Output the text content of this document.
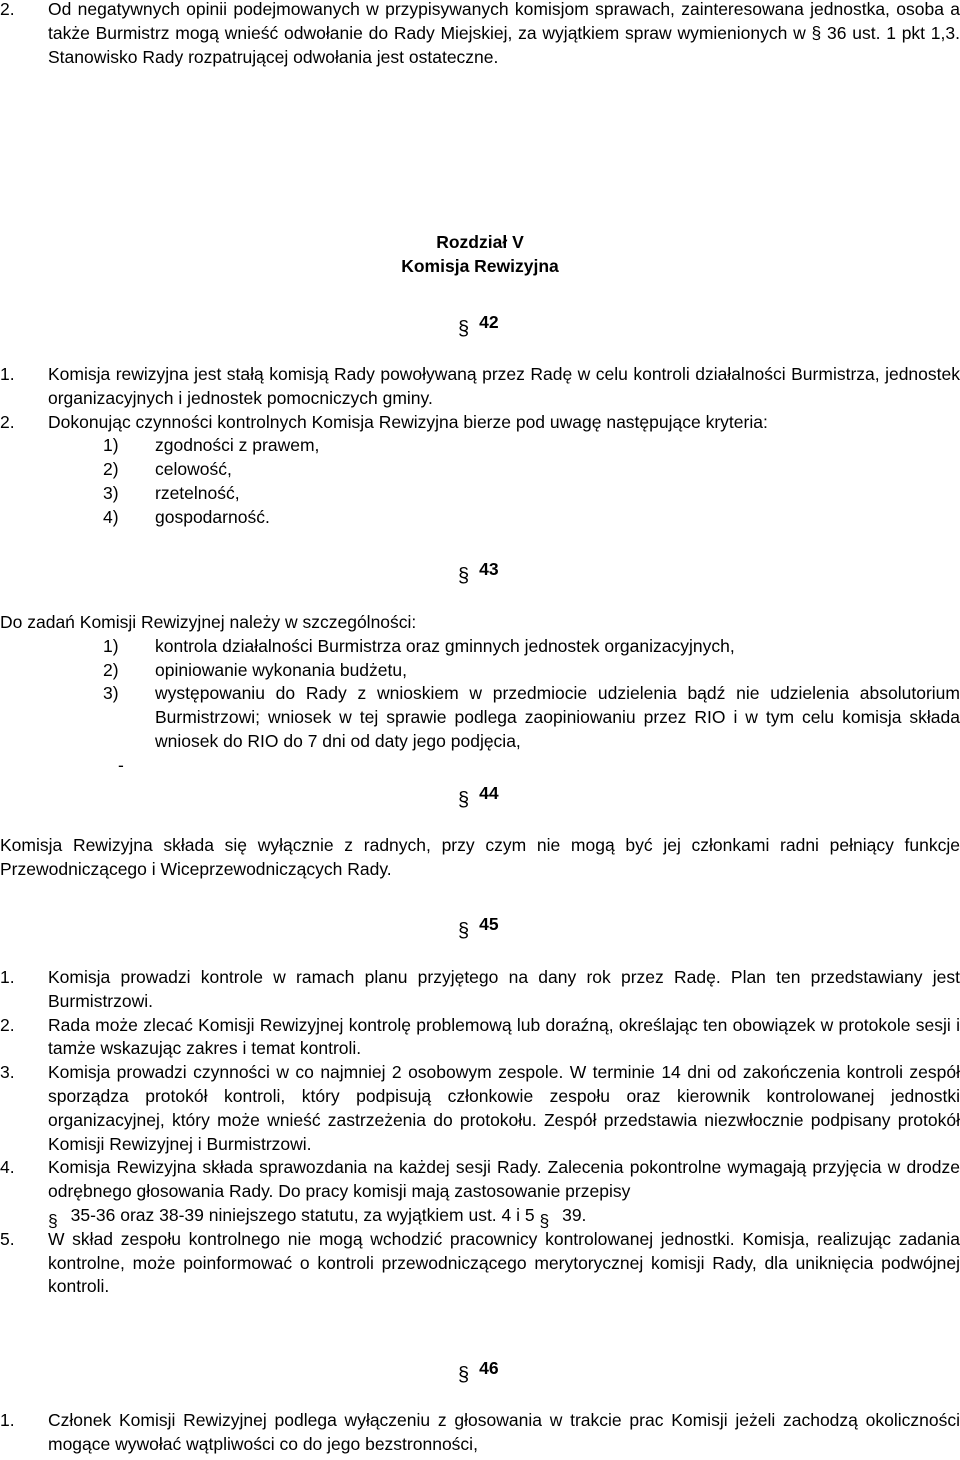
2. Od negatywnych opinii podejmowanych w przypisywanych komisjom sprawach, zainteresowana jednostka, osoba a także Burmistrz mogą wnieść odwołanie do Rady Miejskiej, za wyjątkiem spraw wymienionych w § 36 ust. 1 pkt 1,3. Stanowisko Rady rozpatrującej odwołania jest ostateczne.
Rozdział V
Komisja Rewizyjna
§ 42
1. Komisja rewizyjna jest stałą komisją Rady powoływaną przez Radę w celu kontroli działalności Burmistrza, jednostek organizacyjnych i jednostek pomocniczych gminy.
2. Dokonując czynności kontrolnych Komisja Rewizyjna bierze pod uwagę następujące kryteria:
1) zgodności z prawem,
2) celowość,
3) rzetelność,
4) gospodarność.
§ 43
Do zadań Komisji Rewizyjnej należy w szczególności:
1) kontrola działalności Burmistrza oraz gminnych jednostek organizacyjnych,
2) opiniowanie wykonania budżetu,
3) występowaniu do Rady z wnioskiem w przedmiocie udzielenia bądź nie udzielenia absolutorium Burmistrzowi; wniosek w tej sprawie podlega zaopiniowaniu przez RIO i w tym celu komisja składa wniosek do RIO do 7 dni od daty jego podjęcia,
-
§ 44
Komisja Rewizyjna składa się wyłącznie z radnych, przy czym nie mogą być jej członkami radni pełniący funkcje Przewodniczącego i Wiceprzewodniczących Rady.
§ 45
1. Komisja prowadzi kontrole w ramach planu przyjętego na dany rok przez Radę. Plan ten przedstawiany jest Burmistrzowi.
2. Rada może zlecać Komisji Rewizyjnej kontrolę problemową lub doraźną, określając ten obowiązek w protokole sesji i tamże wskazując zakres i temat kontroli.
3. Komisja prowadzi czynności w co najmniej 2 osobowym zespole. W terminie 14 dni od zakończenia kontroli zespół sporządza protokół kontroli, który podpisują członkowie zespołu oraz kierownik kontrolowanej jednostki organizacyjnej, który może wnieść zastrzeżenia do protokołu. Zespół przedstawia niezwłocznie podpisany protokół Komisji Rewizyjnej i Burmistrzowi.
4. Komisja Rewizyjna składa sprawozdania na każdej sesji Rady. Zalecenia pokontrolne wymagają przyjęcia w drodze odrębnego głosowania Rady. Do pracy komisji mają zastosowanie przepisy
§ 35-36 oraz 38-39 niniejszego statutu, za wyjątkiem ust. 4 i 5 § 39.
5. W skład zespołu kontrolnego nie mogą wchodzić pracownicy kontrolowanej jednostki. Komisja, realizując zadania kontrolne, może poinformować o kontroli przewodniczącego merytorycznej komisji Rady, dla uniknięcia podwójnej kontroli.
§ 46
1. Członek Komisji Rewizyjnej podlega wyłączeniu z głosowania w trakcie prac Komisji jeżeli zachodzą okoliczności mogące wywołać wątpliwości co do jego bezstronności,
